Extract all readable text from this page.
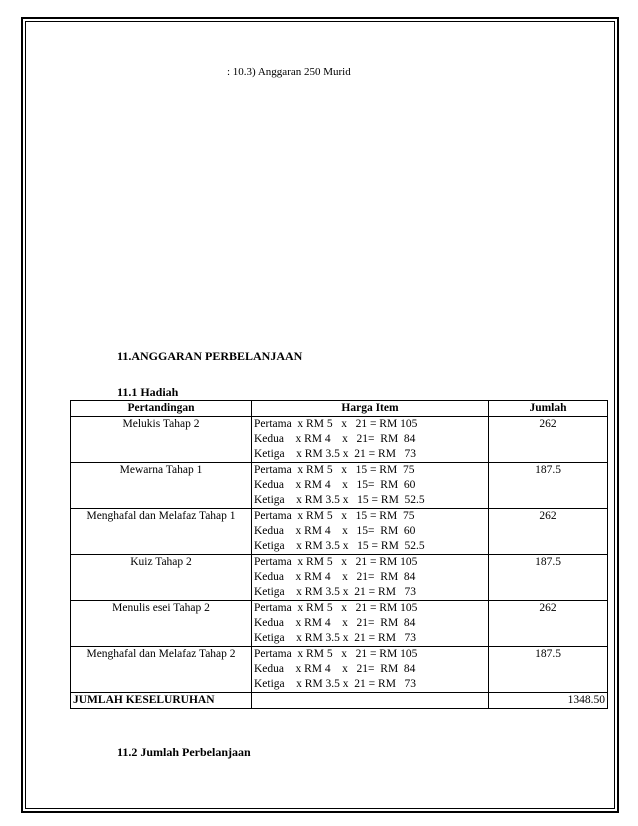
: 10.3) Anggaran 250 Murid
11.ANGGARAN PERBELANJAAN
11.1 Hadiah
Pertandingan	Harga Item	Jumlah
Melukis Tahap 2	Pertama  x RM 5   x   21 = RM 105
Kedua    x RM 4    x   21=  RM  84
Ketiga    x RM 3.5 x  21 = RM   73	262
Mewarna Tahap 1	Pertama  x RM 5   x   15 = RM  75
Kedua    x RM 4    x   15=  RM  60
Ketiga    x RM 3.5 x   15 = RM  52.5	187.5
Menghafal dan Melafaz Tahap 1	Pertama  x RM 5   x   15 = RM  75
Kedua    x RM 4    x   15=  RM  60
Ketiga    x RM 3.5 x   15 = RM  52.5	262
Kuiz Tahap 2	Pertama  x RM 5   x   21 = RM 105
Kedua    x RM 4    x   21=  RM  84
Ketiga    x RM 3.5 x  21 = RM   73	187.5
Menulis esei Tahap 2	Pertama  x RM 5   x   21 = RM 105
Kedua    x RM 4    x   21=  RM  84
Ketiga    x RM 3.5 x  21 = RM   73	262
Menghafal dan Melafaz Tahap 2	Pertama  x RM 5   x   21 = RM 105
Kedua    x RM 4    x   21=  RM  84
Ketiga    x RM 3.5 x  21 = RM   73	187.5
JUMLAH KESELURUHAN		1348.50
11.2 Jumlah Perbelanjaan
